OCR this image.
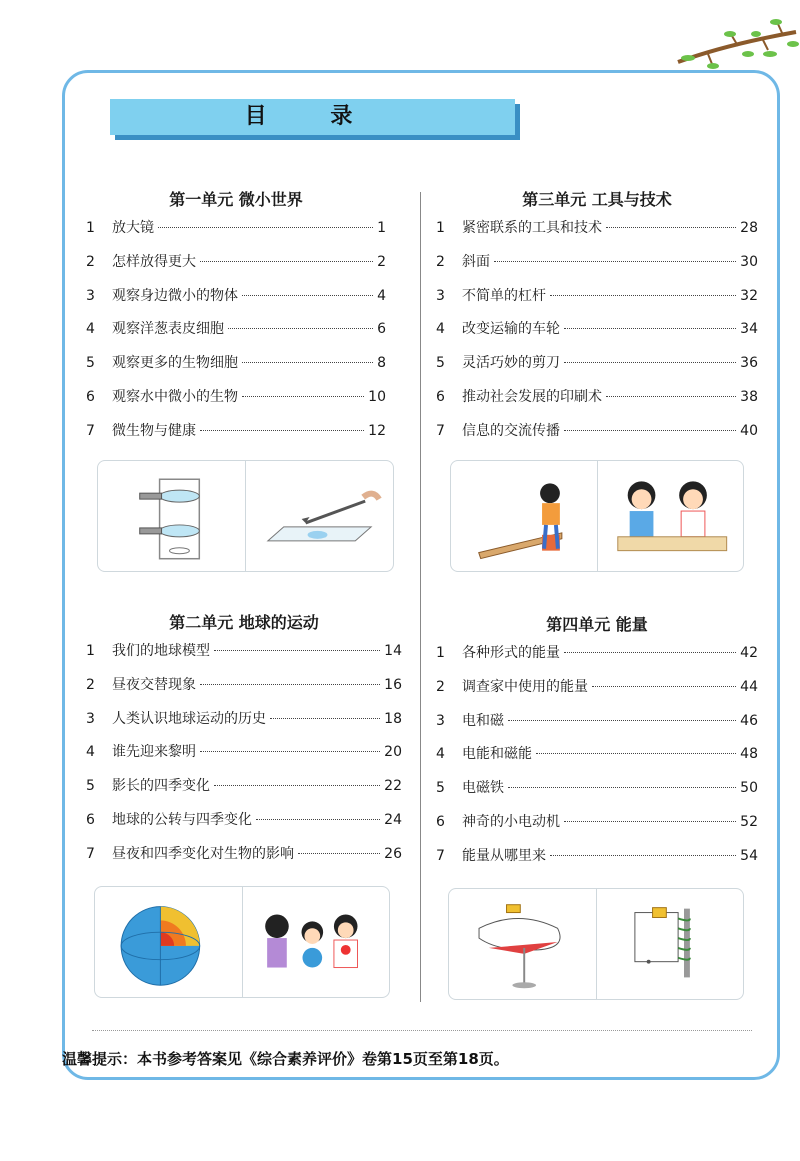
目 录
第一单元 微小世界
1	放大镜	1
2	怎样放得更大	2
3	观察身边微小的物体	4
4	观察洋葱表皮细胞	6
5	观察更多的生物细胞	8
6	观察水中微小的生物	10
7	微生物与健康	12
第三单元 工具与技术
1	紧密联系的工具和技术	28
2	斜面	30
3	不简单的杠杆	32
4	改变运输的车轮	34
5	灵活巧妙的剪刀	36
6	推动社会发展的印刷术	38
7	信息的交流传播	40
第二单元 地球的运动
1	我们的地球模型	14
2	昼夜交替现象	16
3	人类认识地球运动的历史	18
4	谁先迎来黎明	20
5	影长的四季变化	22
6	地球的公转与四季变化	24
7	昼夜和四季变化对生物的影响	26
第四单元 能量
1	各种形式的能量	42
2	调查家中使用的能量	44
3	电和磁	46
4	电能和磁能	48
5	电磁铁	50
6	神奇的小电动机	52
7	能量从哪里来	54
温馨提示：本书参考答案见《综合素养评价》卷第15页至第18页。
